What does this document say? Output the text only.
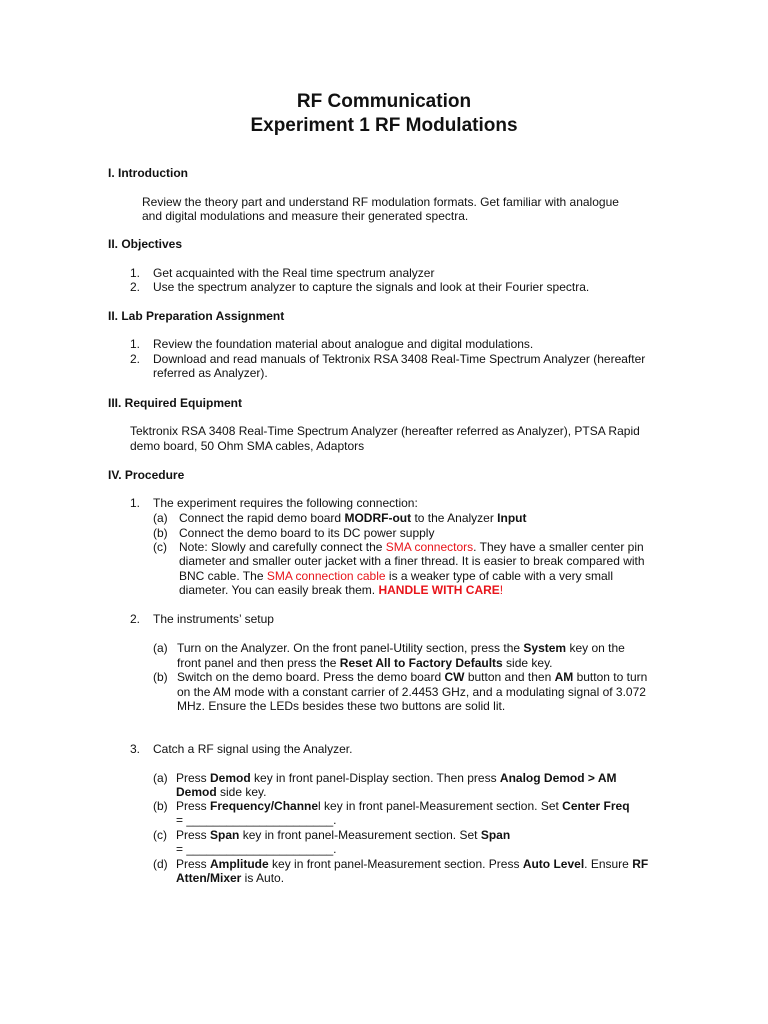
RF Communication
Experiment 1 RF Modulations
I. Introduction
Review the theory part and understand RF modulation formats. Get familiar with analogue
and digital modulations and measure their generated spectra.
II. Objectives
1. Get acquainted with the Real time spectrum analyzer
2. Use the spectrum analyzer to capture the signals and look at their Fourier spectra.
II. Lab Preparation Assignment
1. Review the foundation material about analogue and digital modulations.
2. Download and read manuals of Tektronix RSA 3408 Real-Time Spectrum Analyzer (hereafter
referred as Analyzer).
III. Required Equipment
Tektronix RSA 3408 Real-Time Spectrum Analyzer (hereafter referred as Analyzer), PTSA Rapid
demo board, 50 Ohm SMA cables, Adaptors
IV. Procedure
1. The experiment requires the following connection:
(a) Connect the rapid demo board MODRF-out to the Analyzer Input
(b) Connect the demo board to its DC power supply
(c) Note: Slowly and carefully connect the SMA connectors. They have a smaller center pin
diameter and smaller outer jacket with a finer thread. It is easier to break compared with
BNC cable. The SMA connection cable is a weaker type of cable with a very small
diameter. You can easily break them. HANDLE WITH CARE!
2. The instruments’ setup
(a) Turn on the Analyzer. On the front panel-Utility section, press the System key on the
front panel and then press the Reset All to Factory Defaults side key.
(b) Switch on the demo board. Press the demo board CW button and then AM button to turn
on the AM mode with a constant carrier of 2.4453 GHz, and a modulating signal of 3.072
MHz. Ensure the LEDs besides these two buttons are solid lit.
3. Catch a RF signal using the Analyzer.
(a) Press Demod key in front panel-Display section. Then press Analog Demod > AM
Demod side key.
(b) Press Frequency/Channel key in front panel-Measurement section. Set Center Freq
= ______________________.
(c) Press Span key in front panel-Measurement section. Set Span
= ______________________.
(d) Press Amplitude key in front panel-Measurement section. Press Auto Level. Ensure RF
Atten/Mixer is Auto.
